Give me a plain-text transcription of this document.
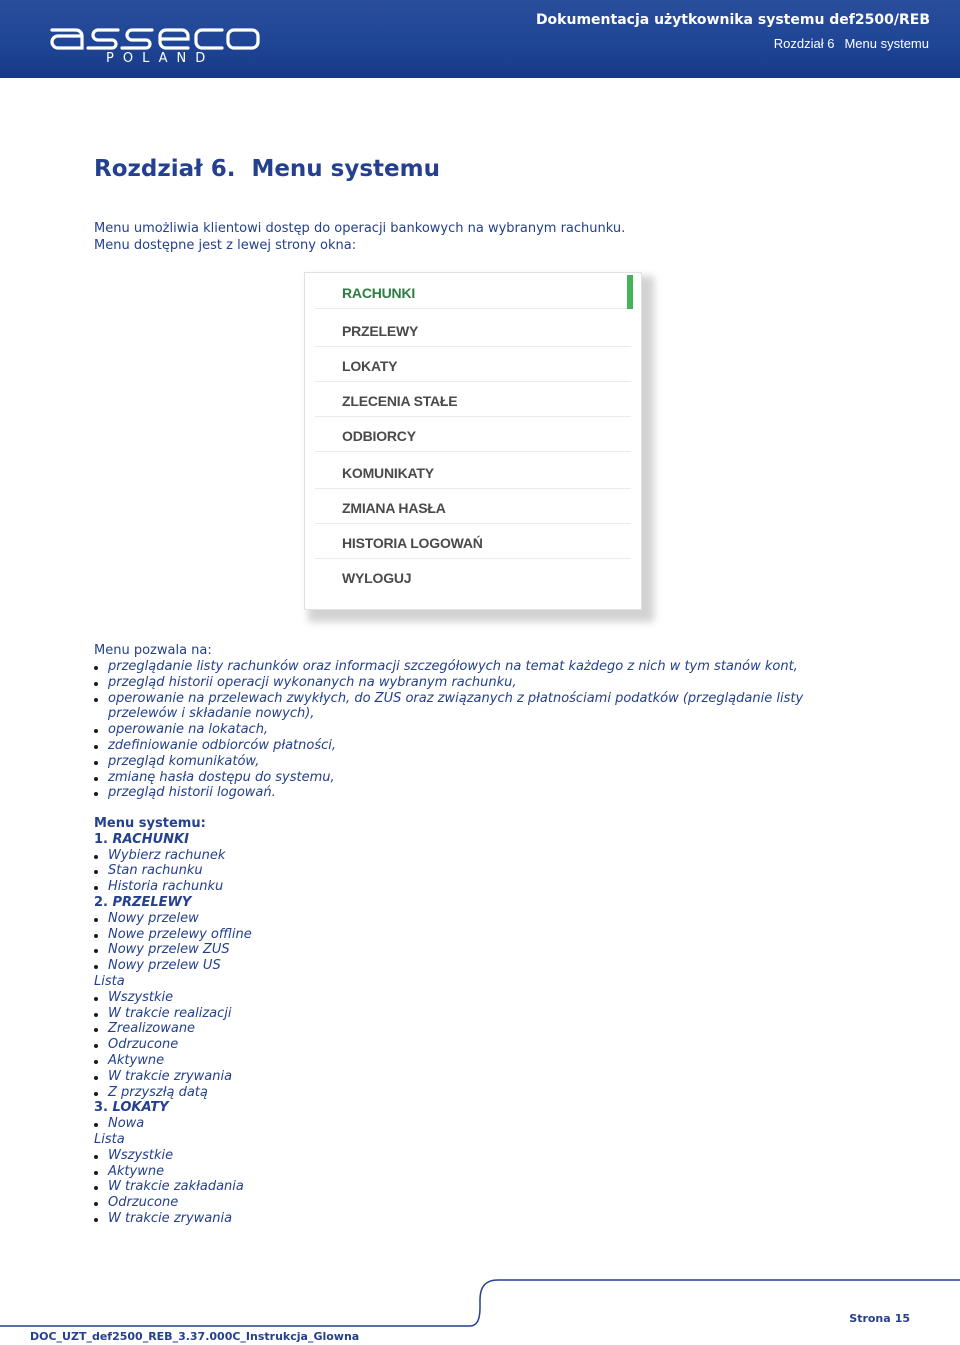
POLAND
Dokumentacja użytkownika systemu def2500/REB
Rozdział 6 Menu systemu
Rozdział 6. Menu systemu
Menu umożliwia klientowi dostęp do operacji bankowych na wybranym rachunku.
Menu dostępne jest z lewej strony okna:
RACHUNKI
PRZELEWY
LOKATY
ZLECENIA STAŁE
ODBIORCY
KOMUNIKATY
ZMIANA HASŁA
HISTORIA LOGOWAŃ
WYLOGUJ
Menu pozwala na:
przeglądanie listy rachunków oraz informacji szczegółowych na temat każdego z nich w tym stanów kont,
przegląd historii operacji wykonanych na wybranym rachunku,
operowanie na przelewach zwykłych, do ZUS oraz związanych z płatnościami podatków (przeglądanie listy
przelewów i składanie nowych),
operowanie na lokatach,
zdefiniowanie odbiorców płatności,
przegląd komunikatów,
zmianę hasła dostępu do systemu,
przegląd historii logowań.
Menu systemu:
1. RACHUNKI
Wybierz rachunek
Stan rachunku
Historia rachunku
2. PRZELEWY
Nowy przelew
Nowe przelewy offline
Nowy przelew ZUS
Nowy przelew US
Lista
Wszystkie
W trakcie realizacji
Zrealizowane
Odrzucone
Aktywne
W trakcie zrywania
Z przyszłą datą
3. LOKATY
Nowa
Lista
Wszystkie
Aktywne
W trakcie zakładania
Odrzucone
W trakcie zrywania
DOC_UZT_def2500_REB_3.37.000C_Instrukcja_Glowna
Strona 15
